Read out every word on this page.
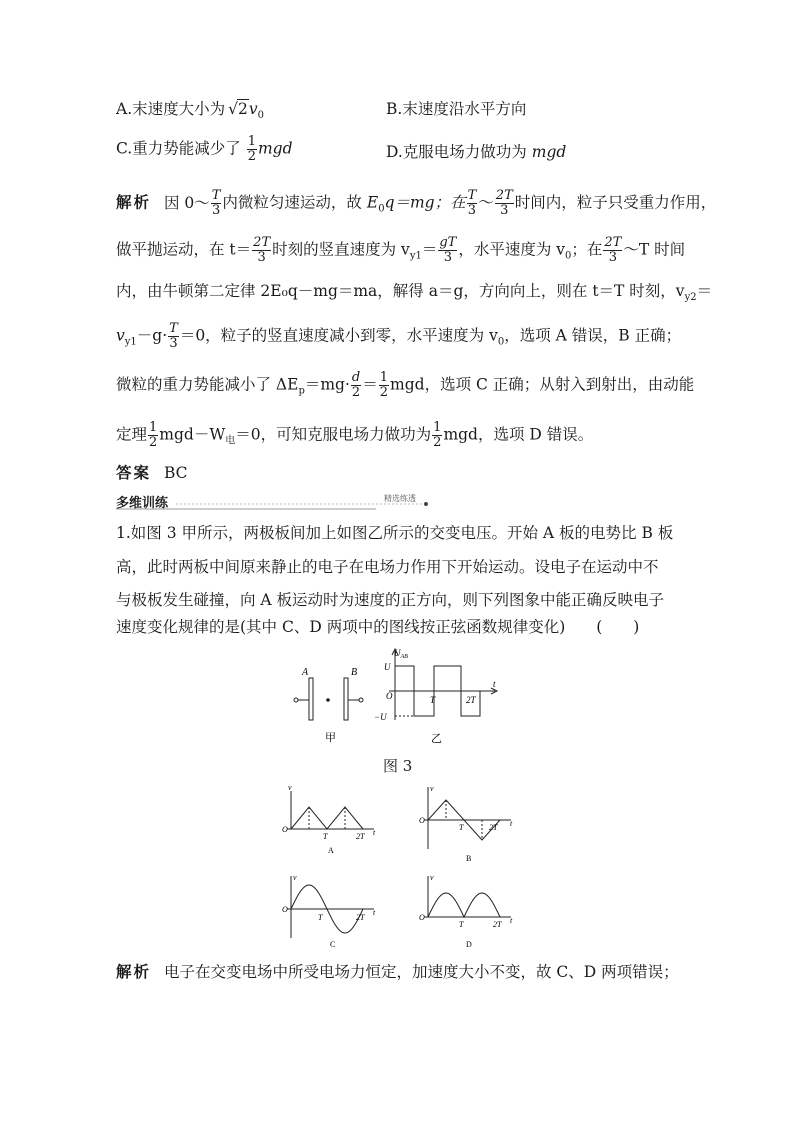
A.末速度大小为 $√2v_0$	B.末速度沿水平方向
C.重力势能减少了 $\frac{1}{2}$ mgd	D.克服电场力做功为 mgd
解析 因 0～ $\frac{T}{3}$ 内微粒匀速运动，故 $E_0q=mg$；在 $\frac{T}{3}$ ～ $\frac{2T}{3}$ 时间内，粒子只受重力作用，
做平抛运动，在 $t= \frac{2T}{3}$ 时刻的竖直速度为 $v_{y1}= \frac{gT}{3}$ ，水平速度为 $v_0$；在 $\frac{2T}{3}$ ～T 时间
内，由牛顿第二定律 2E₀q－mg＝ma，解得 a＝g，方向向上，则在 t＝T 时刻，$v_{y2}=$
$v_{y1}-g\cdot \frac{T}{3} =0$，粒子的竖直速度减小到零，水平速度为 $v_0$，选项 A 错误，B 正确；
微粒的重力势能减小了 $\Delta E_p=mg\cdot \frac{d}{2} = \frac{1}{2}$ mgd，选项 C 正确；从射入到射出，由动能
定理 $\frac{1}{2} mgd-W_电=0$，可知克服电场力做功为 $\frac{1}{2}$ mgd，选项 D 错误。
答案 BC
多维训练	精选练透
1.如图 3 甲所示，两极板间加上如图乙所示的交变电压。开始 A 板的电势比 B 板
高，此时两板中间原来静止的电子在电场力作用下开始运动。设电子在运动中不
与极板发生碰撞，向 A 板运动时为速度的正方向，则下列图象中能正确反映电子
速度变化规律的是(其中 C、D 两项中的图线按正弦函数规律变化) (　　)
A	B
甲
$U_{AB}$
U
−U
O	T	2T
t
乙
图 3
v
O
T	2T t
A
v
O
T	2T t
B
v
O
T	2T
t
C
v
O
T	2T t
D
解析 电子在交变电场中所受电场力恒定，加速度大小不变，故 C、D 两项错误；
